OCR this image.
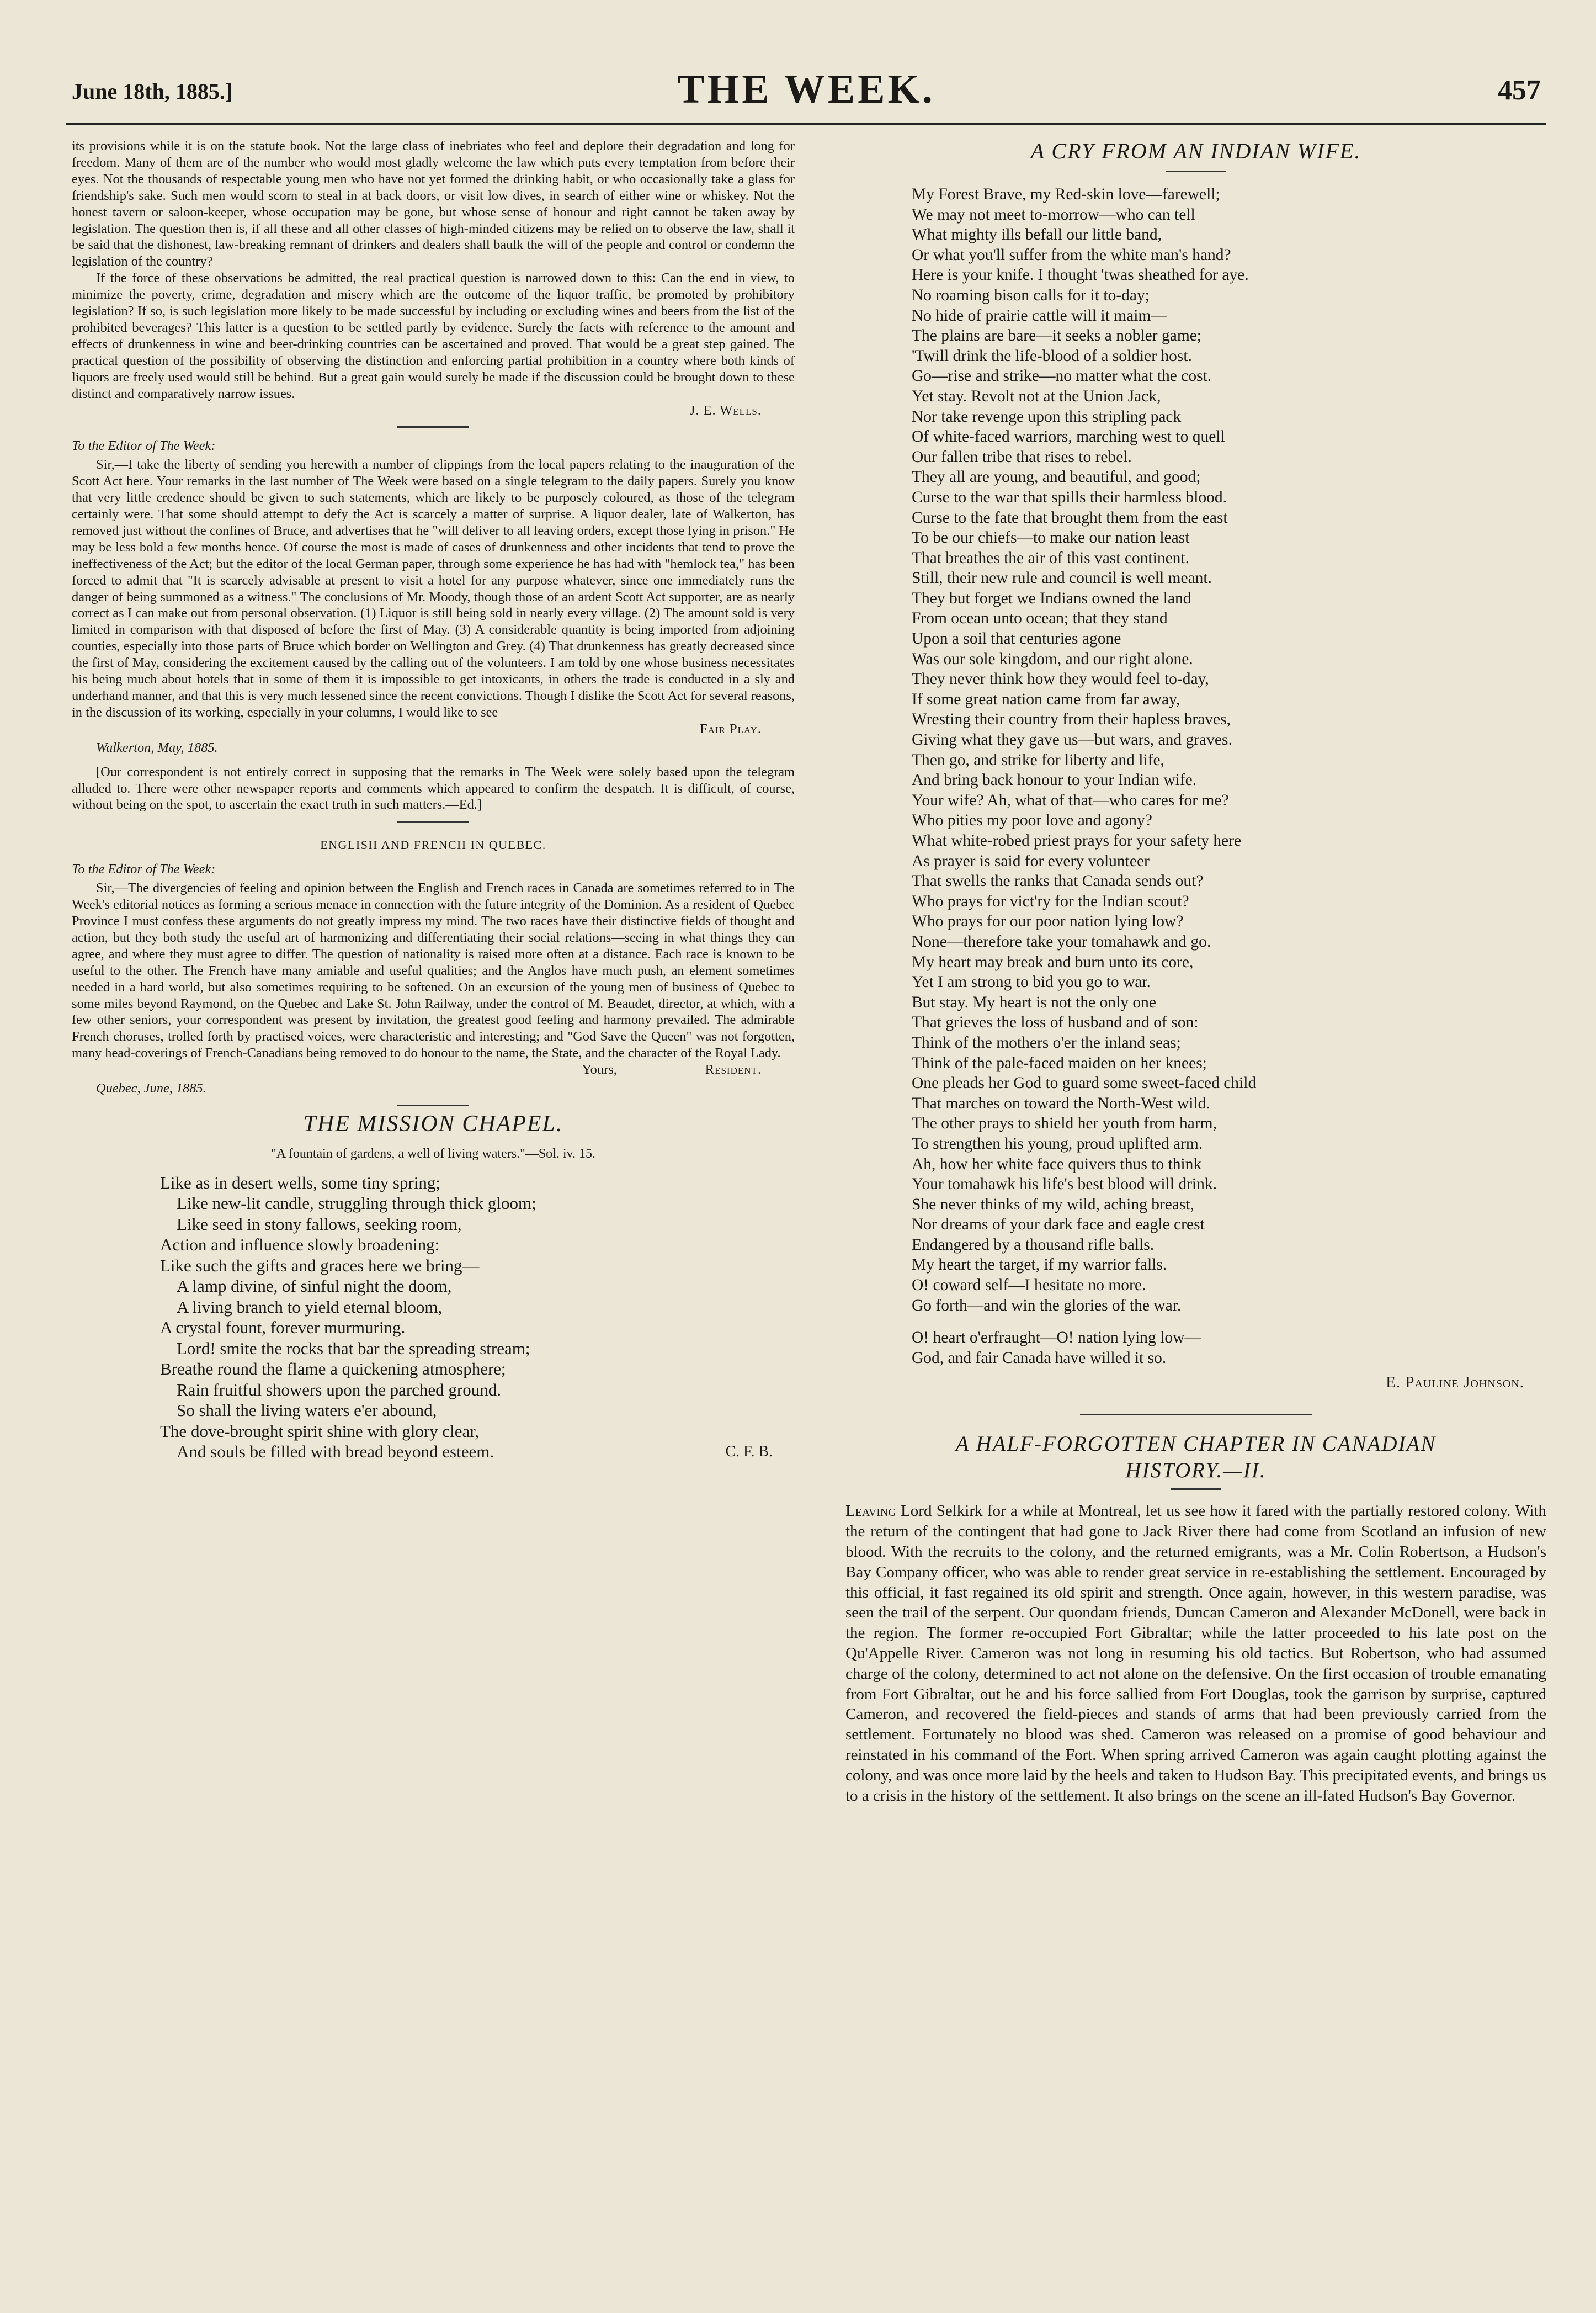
June 18th, 1885.]	THE WEEK.	457

its provisions while it is on the statute book. Not the large class of inebriates who feel and deplore their degradation and long for freedom. Many of them are of the number who would most gladly welcome the law which puts every temptation from before their eyes. Not the thousands of respectable young men who have not yet formed the drinking habit, or who occasionally take a glass for friendship's sake. Such men would scorn to steal in at back doors, or visit low dives, in search of either wine or whiskey. Not the honest tavern or saloon-keeper, whose occupation may be gone, but whose sense of honour and right cannot be taken away by legislation. The question then is, if all these and all other classes of high-minded citizens may be relied on to observe the law, shall it be said that the dishonest, law-breaking remnant of drinkers and dealers shall baulk the will of the people and control or condemn the legislation of the country?

If the force of these observations be admitted, the real practical question is narrowed down to this: Can the end in view, to minimize the poverty, crime, degradation and misery which are the outcome of the liquor traffic, be promoted by prohibitory legislation? If so, is such legislation more likely to be made successful by including or excluding wines and beers from the list of the prohibited beverages? This latter is a question to be settled partly by evidence. Surely the facts with reference to the amount and effects of drunkenness in wine and beer-drinking countries can be ascertained and proved. That would be a great step gained. The practical question of the possibility of observing the distinction and enforcing partial prohibition in a country where both kinds of liquors are freely used would still be behind. But a great gain would surely be made if the discussion could be brought down to these distinct and comparatively narrow issues.

J. E. Wells.
To the Editor of The Week:

Sir,—I take the liberty of sending you herewith a number of clippings from the local papers relating to the inauguration of the Scott Act here. Your remarks in the last number of The Week were based on a single telegram to the daily papers. Surely you know that very little credence should be given to such statements, which are likely to be purposely coloured, as those of the telegram certainly were. That some should attempt to defy the Act is scarcely a matter of surprise. A liquor dealer, late of Walkerton, has removed just without the confines of Bruce, and advertises that he "will deliver to all leaving orders, except those lying in prison." He may be less bold a few months hence. Of course the most is made of cases of drunkenness and other incidents that tend to prove the ineffectiveness of the Act; but the editor of the local German paper, through some experience he has had with "hemlock tea," has been forced to admit that "It is scarcely advisable at present to visit a hotel for any purpose whatever, since one immediately runs the danger of being summoned as a witness." The conclusions of Mr. Moody, though those of an ardent Scott Act supporter, are as nearly correct as I can make out from personal observation. (1) Liquor is still being sold in nearly every village. (2) The amount sold is very limited in comparison with that disposed of before the first of May. (3) A considerable quantity is being imported from adjoining counties, especially into those parts of Bruce which border on Wellington and Grey. (4) That drunkenness has greatly decreased since the first of May, considering the excitement caused by the calling out of the volunteers. I am told by one whose business necessitates his being much about hotels that in some of them it is impossible to get intoxicants, in others the trade is conducted in a sly and underhand manner, and that this is very much lessened since the recent convictions. Though I dislike the Scott Act for several reasons, in the discussion of its working, especially in your columns, I would like to see

Fair Play.
Walkerton, May, 1885.

[Our correspondent is not entirely correct in supposing that the remarks in The Week were solely based upon the telegram alluded to. There were other newspaper reports and comments which appeared to confirm the despatch. It is difficult, of course, without being on the spot, to ascertain the exact truth in such matters.—Ed.]

ENGLISH AND FRENCH IN QUEBEC.
To the Editor of The Week:

Sir,—The divergencies of feeling and opinion between the English and French races in Canada are sometimes referred to in The Week's editorial notices as forming a serious menace in connection with the future integrity of the Dominion. As a resident of Quebec Province I must confess these arguments do not greatly impress my mind. The two races have their distinctive fields of thought and action, but they both study the useful art of harmonizing and differentiating their social relations—seeing in what things they can agree, and where they must agree to differ. The question of nationality is raised more often at a distance. Each race is known to be useful to the other. The French have many amiable and useful qualities; and the Anglos have much push, an element sometimes needed in a hard world, but also sometimes requiring to be softened. On an excursion of the young men of business of Quebec to some miles beyond Raymond, on the Quebec and Lake St. John Railway, under the control of M. Beaudet, director, at which, with a few other seniors, your correspondent was present by invitation, the greatest good feeling and harmony prevailed. The admirable French choruses, trolled forth by practised voices, were characteristic and interesting; and "God Save the Queen" was not forgotten, many head-coverings of French-Canadians being removed to do honour to the name, the State, and the character of the Royal Lady.

Yours,	Resident.
Quebec, June, 1885.
THE MISSION CHAPEL.
"A fountain of gardens, a well of living waters."—Sol. iv. 15.
Like as in desert wells, some tiny spring;
Like new-lit candle, struggling through thick gloom;
Like seed in stony fallows, seeking room,
Action and influence slowly broadening:
Like such the gifts and graces here we bring—
A lamp divine, of sinful night the doom,
A living branch to yield eternal bloom,
A crystal fount, forever murmuring.
Lord! smite the rocks that bar the spreading stream;
Breathe round the flame a quickening atmosphere;
Rain fruitful showers upon the parched ground.
So shall the living waters e'er abound,
The dove-brought spirit shine with glory clear,
And souls be filled with bread beyond esteem.	C. F. B.
A CRY FROM AN INDIAN WIFE.
My Forest Brave, my Red-skin love—farewell;
We may not meet to-morrow—who can tell
What mighty ills befall our little band,
Or what you'll suffer from the white man's hand?
Here is your knife. I thought 'twas sheathed for aye.
No roaming bison calls for it to-day;
No hide of prairie cattle will it maim—
The plains are bare—it seeks a nobler game;
'Twill drink the life-blood of a soldier host.
Go—rise and strike—no matter what the cost.
Yet stay. Revolt not at the Union Jack,
Nor take revenge upon this stripling pack
Of white-faced warriors, marching west to quell
Our fallen tribe that rises to rebel.
They all are young, and beautiful, and good;
Curse to the war that spills their harmless blood.
Curse to the fate that brought them from the east
To be our chiefs—to make our nation least
That breathes the air of this vast continent.
Still, their new rule and council is well meant.
They but forget we Indians owned the land
From ocean unto ocean; that they stand
Upon a soil that centuries agone
Was our sole kingdom, and our right alone.
They never think how they would feel to-day,
If some great nation came from far away,
Wresting their country from their hapless braves,
Giving what they gave us—but wars, and graves.
Then go, and strike for liberty and life,
And bring back honour to your Indian wife.
Your wife? Ah, what of that—who cares for me?
Who pities my poor love and agony?
What white-robed priest prays for your safety here
As prayer is said for every volunteer
That swells the ranks that Canada sends out?
Who prays for vict'ry for the Indian scout?
Who prays for our poor nation lying low?
None—therefore take your tomahawk and go.
My heart may break and burn unto its core,
Yet I am strong to bid you go to war.
But stay. My heart is not the only one
That grieves the loss of husband and of son:
Think of the mothers o'er the inland seas;
Think of the pale-faced maiden on her knees;
One pleads her God to guard some sweet-faced child
That marches on toward the North-West wild.
The other prays to shield her youth from harm,
To strengthen his young, proud uplifted arm.
Ah, how her white face quivers thus to think
Your tomahawk his life's best blood will drink.
She never thinks of my wild, aching breast,
Nor dreams of your dark face and eagle crest
Endangered by a thousand rifle balls.
My heart the target, if my warrior falls.
O! coward self—I hesitate no more.
Go forth—and win the glories of the war.
O! heart o'erfraught—O! nation lying low—
God, and fair Canada have willed it so.
E. Pauline Johnson.
A HALF-FORGOTTEN CHAPTER IN CANADIAN
HISTORY.—II.

Leaving Lord Selkirk for a while at Montreal, let us see how it fared with the partially restored colony. With the return of the contingent that had gone to Jack River there had come from Scotland an infusion of new blood. With the recruits to the colony, and the returned emigrants, was a Mr. Colin Robertson, a Hudson's Bay Company officer, who was able to render great service in re-establishing the settlement. Encouraged by this official, it fast regained its old spirit and strength. Once again, however, in this western paradise, was seen the trail of the serpent. Our quondam friends, Duncan Cameron and Alexander McDonell, were back in the region. The former re-occupied Fort Gibraltar; while the latter proceeded to his late post on the Qu'Appelle River. Cameron was not long in resuming his old tactics. But Robertson, who had assumed charge of the colony, determined to act not alone on the defensive. On the first occasion of trouble emanating from Fort Gibraltar, out he and his force sallied from Fort Douglas, took the garrison by surprise, captured Cameron, and recovered the field-pieces and stands of arms that had been previously carried from the settlement. Fortunately no blood was shed. Cameron was released on a promise of good behaviour and reinstated in his command of the Fort. When spring arrived Cameron was again caught plotting against the colony, and was once more laid by the heels and taken to Hudson Bay. This precipitated events, and brings us to a crisis in the history of the settlement. It also brings on the scene an ill-fated Hudson's Bay Governor.
